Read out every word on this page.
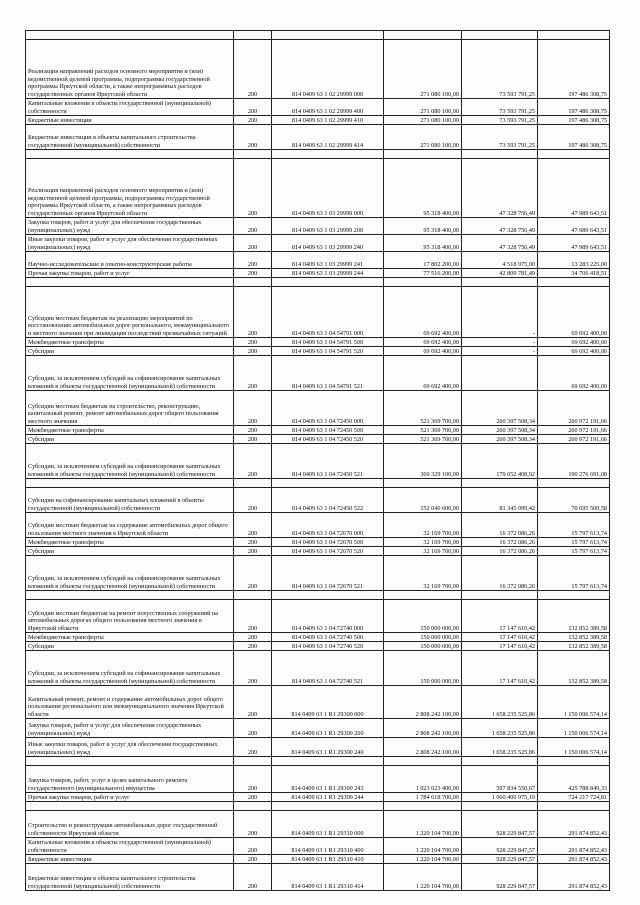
Реализация направлений расходов основного мероприятия и (или) ведомственной целевой программы, подпрограммы государственной программы Иркутской области, а также непрограммных расходов государственных органов Иркутской области	200	814 0409 63 1 02 29999 000	271 080 100,00	73 593 791,25	197 486 308,75
Капитальные вложения в объекты государственной (муниципальной) собственности	200	814 0409 63 1 02 29999 400	271 080 100,00	73 593 791,25	197 486 308,75
Бюджетные инвестиции	200	814 0409 63 1 02 29999 410	271 080 100,00	73 593 791,25	197 486 308,75
Бюджетные инвестиции в объекты капитального строительства государственной (муниципальной) собственности	200	814 0409 63 1 02 29999 414	271 080 100,00	73 593 791,25	197 486 308,75

Реализация направлений расходов основного мероприятия и (или) ведомственной целевой программы, подпрограммы государственной программы Иркутской области, а также непрограммных расходов государственных органов Иркутской области	200	814 0409 63 1 03 29999 000	95 318 400,00	47 328 756,49	47 989 643,51
Закупка товаров, работ и услуг для обеспечения государственных (муниципальных) нужд	200	814 0409 63 1 03 29999 200	95 318 400,00	47 328 756,49	47 989 643,51
Иные закупки товаров, работ и услуг для обеспечения государственных (муниципальных) нужд	200	814 0409 63 1 03 29999 240	95 318 400,00	47 328 756,49	47 989 643,51
Научно-исследовательские и опытно-конструкторские работы	200	814 0409 63 1 03 29999 241	17 802 200,00	4 518 975,00	13 283 225,00
Прочая закупка товаров, работ и услуг	200	814 0409 63 1 03 29999 244	77 516 200,00	42 809 781,49	34 706 418,51

Субсидии местным бюджетам на реализацию мероприятий по восстановлению автомобильных дорог регионального, межмуниципального и местного значения при ликвидации последствий чрезвычайных ситуаций	200	814 0409 63 1 04 54791 000	69 692 400,00	-	69 692 400,00
Межбюджетные трансферты	200	814 0409 63 1 04 54791 500	69 692 400,00	-	69 692 400,00
Субсидии	200	814 0409 63 1 04 54791 520	69 692 400,00	-	69 692 400,00
Субсидии, за исключением субсидий на софинансирование капитальных вложений в объекты государственной (муниципальной) собственности	200	814 0409 63 1 04 54791 521	69 692 400,00		69 692 400,00
Субсидии местным бюджетам на строительство, реконструкцию, капитальный ремонт, ремонт автомобильных дорог общего пользования местного значения	200	814 0409 63 1 04 72450 000	521 369 700,00	260 397 508,34	260 972 191,66
Межбюджетные трансферты	200	814 0409 63 1 04 72450 500	521 369 700,00	260 397 508,34	260 972 191,66
Субсидии	200	814 0409 63 1 04 72450 520	521 369 700,00	260 397 508,34	260 972 191,66
Субсидии, за исключением субсидий на софинансирование капитальных вложений в объекты государственной (муниципальной) собственности	200	814 0409 63 1 04 72450 521	369 329 100,00	179 052 408,92	190 276 691,08

Субсидии на софинансирование капитальных вложений в объекты государственной (муниципальной) собственности	200	814 0409 63 1 04 72450 522	152 040 600,00	81 345 099,42	70 695 500,58
Субсидии местным бюджетам на содержание автомобильных дорог общего пользования местного значения в Иркутской области	200	814 0409 63 1 04 72670 000	32 169 700,00	16 372 086,26	15 797 613,74
Межбюджетные трансферты	200	814 0409 63 1 04 72670 500	32 169 700,00	16 372 086,26	15 797 613,74
Субсидии	200	814 0409 63 1 04 72670 520	32 169 700,00	16 372 086,26	15 797 613,74
Субсидии, за исключением субсидий на софинансирование капитальных вложений в объекты государственной (муниципальной) собственности	200	814 0409 63 1 04 72670 521	32 169 700,00	16 372 086,26	15 797 613,74

Субсидии местным бюджетам на ремонт искусственных сооружений на автомобильных дорогах общего пользования местного значения в Иркутской области	200	814 0409 63 1 04 72740 000	150 000 000,00	17 147 610,42	132 852 389,58
Межбюджетные трансферты	200	814 0409 63 1 04 72740 500	150 000 000,00	17 147 610,42	132 852 389,58
Субсидии	200	814 0409 63 1 04 72740 520	150 000 000,00	17 147 610,42	132 852 389,58
Субсидии, за исключением субсидий на софинансирование капитальных вложений в объекты государственной (муниципальной) собственности	200	814 0409 63 1 04 72740 521	150 000 000,00	17 147 610,42	132 852 389,58
Капитальный ремонт, ремонт и содержание автомобильных дорог общего пользования регионального или межмуниципального значения Иркутской области	200	814 0409 63 1 R1 29300 000	2 808 242 100,00	1 658 235 525,86	1 150 006 574,14
Закупка товаров, работ и услуг для обеспечения государственных (муниципальных) нужд	200	814 0409 63 1 R1 29300 200	2 808 242 100,00	1 658 235 525,86	1 150 006 574,14
Иные закупки товаров, работ и услуг для обеспечения государственных (муниципальных) нужд	200	814 0409 63 1 R1 29300 240	2 808 242 100,00	1 658 235 525,86	1 150 006 574,14

Закупка товаров, работ, услуг в целях капитального ремонта государственного (муниципального) имущества	200	814 0409 63 1 R1 29300 243	1 023 623 400,00	597 834 550,67	425 788 849,33
Прочая закупка товаров, работ и услуг	200	814 0409 63 1 R1 29300 244	1 784 618 700,00	1 060 400 975,19	724 217 724,81

Строительство и реконструкция автомобильных дорог государственной собственности Иркутской области	200	814 0409 63 1 R1 29310 000	1 220 104 700,00	928 229 847,57	291 874 852,43
Капитальные вложения в объекты государственной (муниципальной) собственности	200	814 0409 63 1 R1 29310 400	1 220 104 700,00	928 229 847,57	291 874 852,43
Бюджетные инвестиции	200	814 0409 63 1 R1 29310 410	1 220 104 700,00	928 229 847,57	291 874 852,43
Бюджетные инвестиции в объекты капитального строительства государственной (муниципальной) собственности	200	814 0409 63 1 R1 29310 414	1 220 104 700,00	928 229 847,57	291 874 852,43
